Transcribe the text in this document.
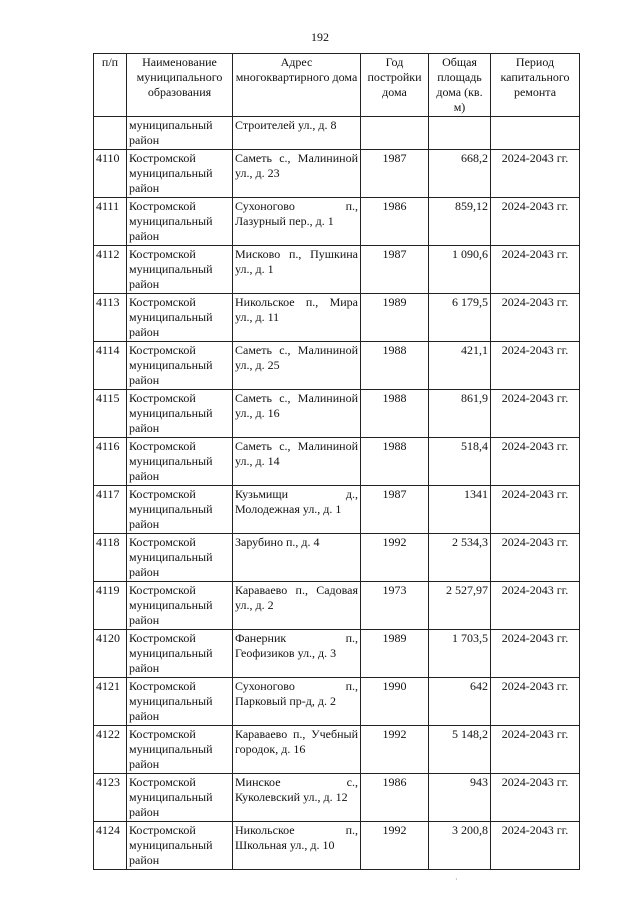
192
п/п	Наименование муниципального образования	Адрес многоквартирного дома	Год постройки дома	Общая площадь дома (кв. м)	Период капитального ремонта
	муниципальный район	Строителей ул., д. 8			
4110	Костромской муниципальный район	Саметь с., Малининой ул., д. 23	1987	668,2	2024-2043 гг.
4111	Костромской муниципальный район	Сухоногово п., Лазурный пер., д. 1	1986	859,12	2024-2043 гг.
4112	Костромской муниципальный район	Мисково п., Пушкина ул., д. 1	1987	1 090,6	2024-2043 гг.
4113	Костромской муниципальный район	Никольское п., Мира ул., д. 11	1989	6 179,5	2024-2043 гг.
4114	Костромской муниципальный район	Саметь с., Малининой ул., д. 25	1988	421,1	2024-2043 гг.
4115	Костромской муниципальный район	Саметь с., Малининой ул., д. 16	1988	861,9	2024-2043 гг.
4116	Костромской муниципальный район	Саметь с., Малининой ул., д. 14	1988	518,4	2024-2043 гг.
4117	Костромской муниципальный район	Кузьмищи д., Молодежная ул., д. 1	1987	1341	2024-2043 гг.
4118	Костромской муниципальный район	Зарубино п., д. 4	1992	2 534,3	2024-2043 гг.
4119	Костромской муниципальный район	Караваево п., Садовая ул., д. 2	1973	2 527,97	2024-2043 гг.
4120	Костромской муниципальный район	Фанерник п., Геофизиков ул., д. 3	1989	1 703,5	2024-2043 гг.
4121	Костромской муниципальный район	Сухоногово п., Парковый пр-д, д. 2	1990	642	2024-2043 гг.
4122	Костромской муниципальный район	Караваево п., Учебный городок, д. 16	1992	5 148,2	2024-2043 гг.
4123	Костромской муниципальный район	Минское с., Куколевский ул., д. 12	1986	943	2024-2043 гг.
4124	Костромской муниципальный район	Никольское п., Школьная ул., д. 10	1992	3 200,8	2024-2043 гг.
·
